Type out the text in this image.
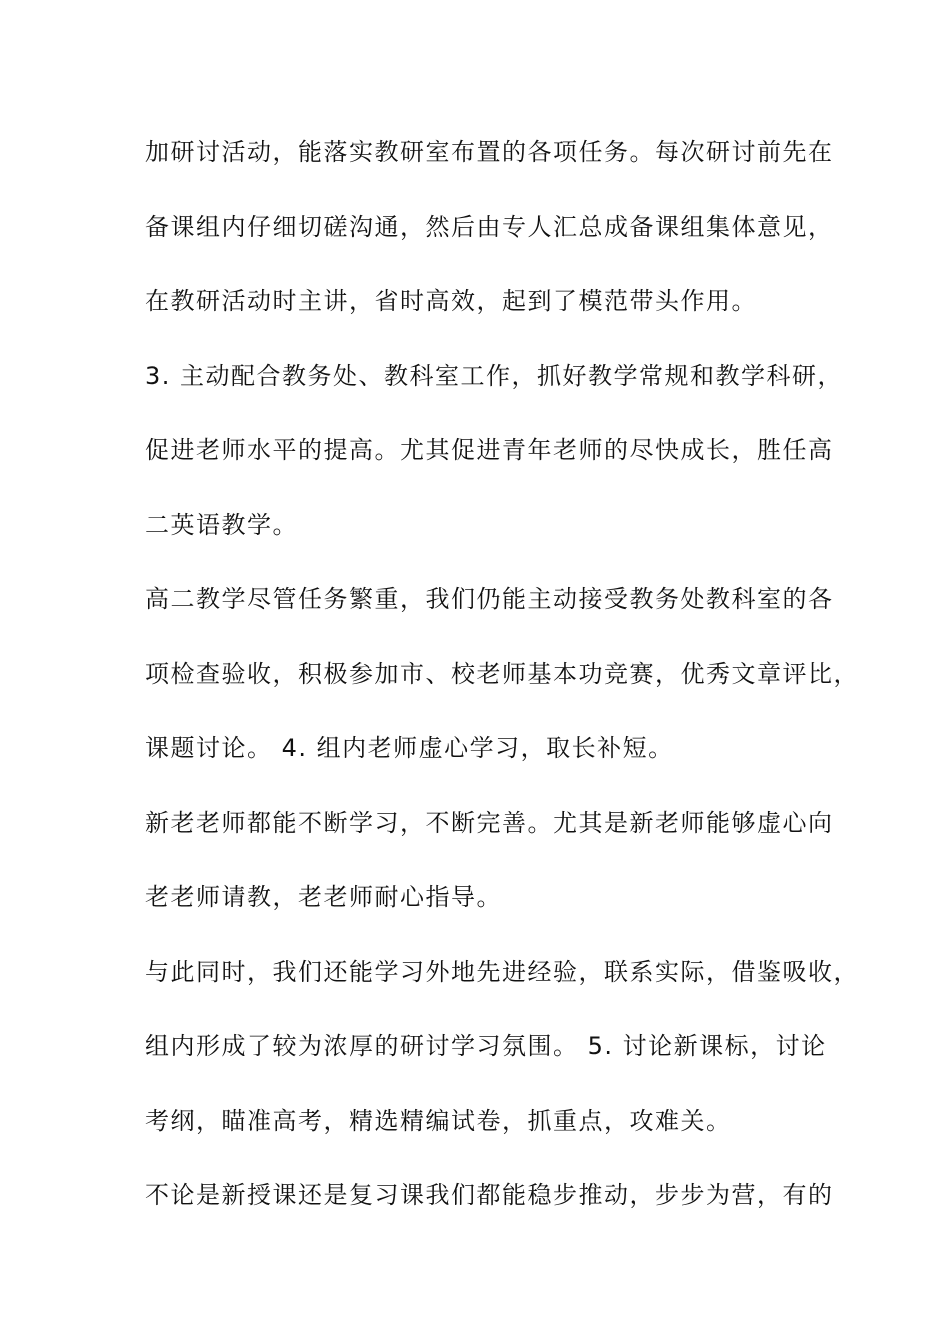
加研讨活动，能落实教研室布置的各项任务。每次研讨前先在
备课组内仔细切磋沟通，然后由专人汇总成备课组集体意见，
在教研活动时主讲，省时高效，起到了模范带头作用。
3. 主动配合教务处、教科室工作，抓好教学常规和教学科研，
促进老师水平的提高。尤其促进青年老师的尽快成长，胜任高
二英语教学。
高二教学尽管任务繁重，我们仍能主动接受教务处教科室的各
项检查验收，积极参加市、校老师基本功竞赛，优秀文章评比，
课题讨论。 4. 组内老师虚心学习，取长补短。
新老老师都能不断学习，不断完善。尤其是新老师能够虚心向
老老师请教，老老师耐心指导。
与此同时，我们还能学习外地先进经验，联系实际，借鉴吸收，
组内形成了较为浓厚的研讨学习氛围。 5. 讨论新课标，讨论
考纲，瞄准高考，精选精编试卷，抓重点，攻难关。
不论是新授课还是复习课我们都能稳步推动，步步为营，有的
